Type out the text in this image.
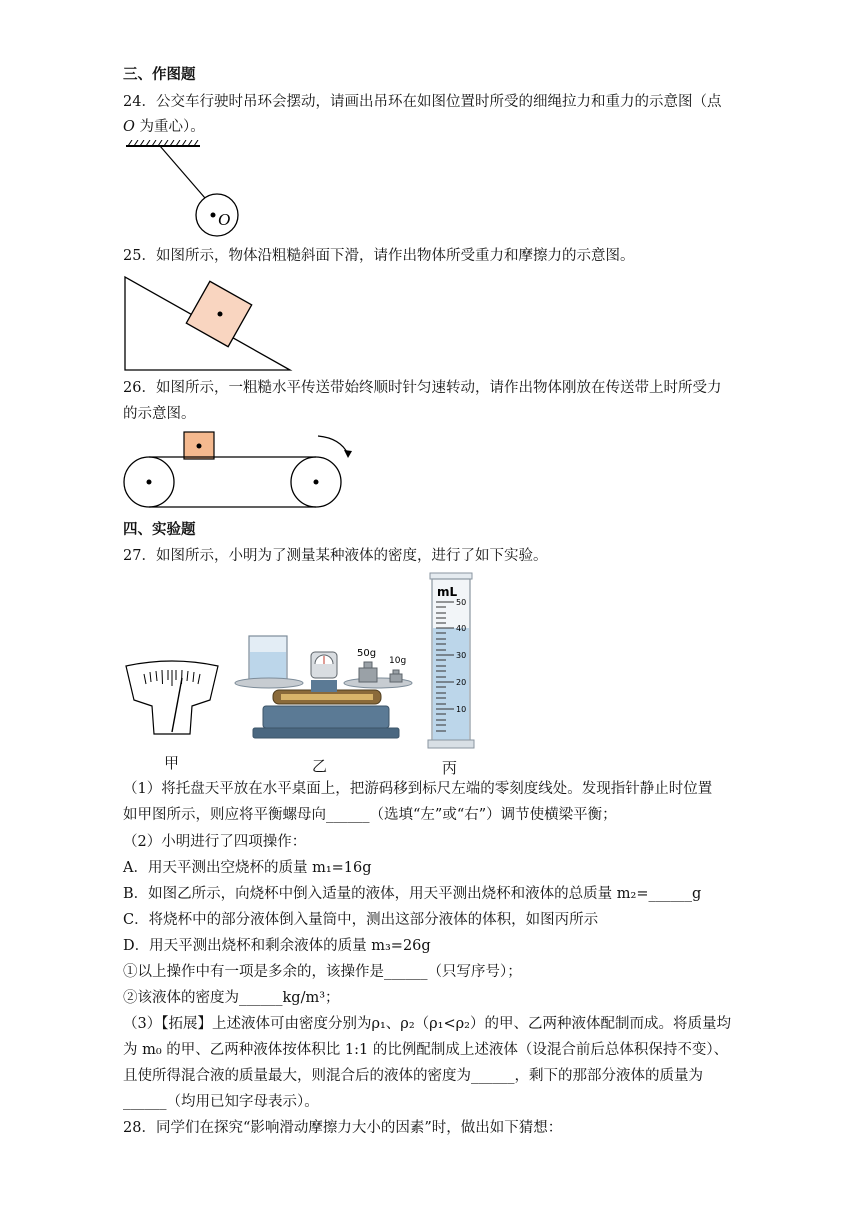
三、作图题
24．公交车行驶时吊环会摆动，请画出吊环在如图位置时所受的细绳拉力和重力的示意图（点
O 为重心）。
O
25．如图所示，物体沿粗糙斜面下滑，请作出物体所受重力和摩擦力的示意图。
26．如图所示，一粗糙水平传送带始终顺时针匀速转动，请作出物体刚放在传送带上时所受力
的示意图。
四、实验题
27．如图所示，小明为了测量某种液体的密度，进行了如下实验。
甲
50g
10g
乙
mL
50
40
30
20
10
丙
（1）将托盘天平放在水平桌面上，把游码移到标尺左端的零刻度线处。发现指针静止时位置
如甲图所示，则应将平衡螺母向______（选填“左”或“右”）调节使横梁平衡；
（2）小明进行了四项操作：
A．用天平测出空烧杯的质量 m₁=16g
B．如图乙所示，向烧杯中倒入适量的液体，用天平测出烧杯和液体的总质量 m₂=______g
C．将烧杯中的部分液体倒入量筒中，测出这部分液体的体积，如图丙所示
D．用天平测出烧杯和剩余液体的质量 m₃=26g
①以上操作中有一项是多余的，该操作是______（只写序号）；
②该液体的密度为______kg/m³；
（3）【拓展】上述液体可由密度分别为ρ₁、ρ₂（ρ₁<ρ₂）的甲、乙两种液体配制而成。将质量均
为 m₀ 的甲、乙两种液体按体积比 1:1 的比例配制成上述液体（设混合前后总体积保持不变）、
且使所得混合液的质量最大，则混合后的液体的密度为______，剩下的那部分液体的质量为
______（均用已知字母表示）。
28．同学们在探究“影响滑动摩擦力大小的因素”时，做出如下猜想：
